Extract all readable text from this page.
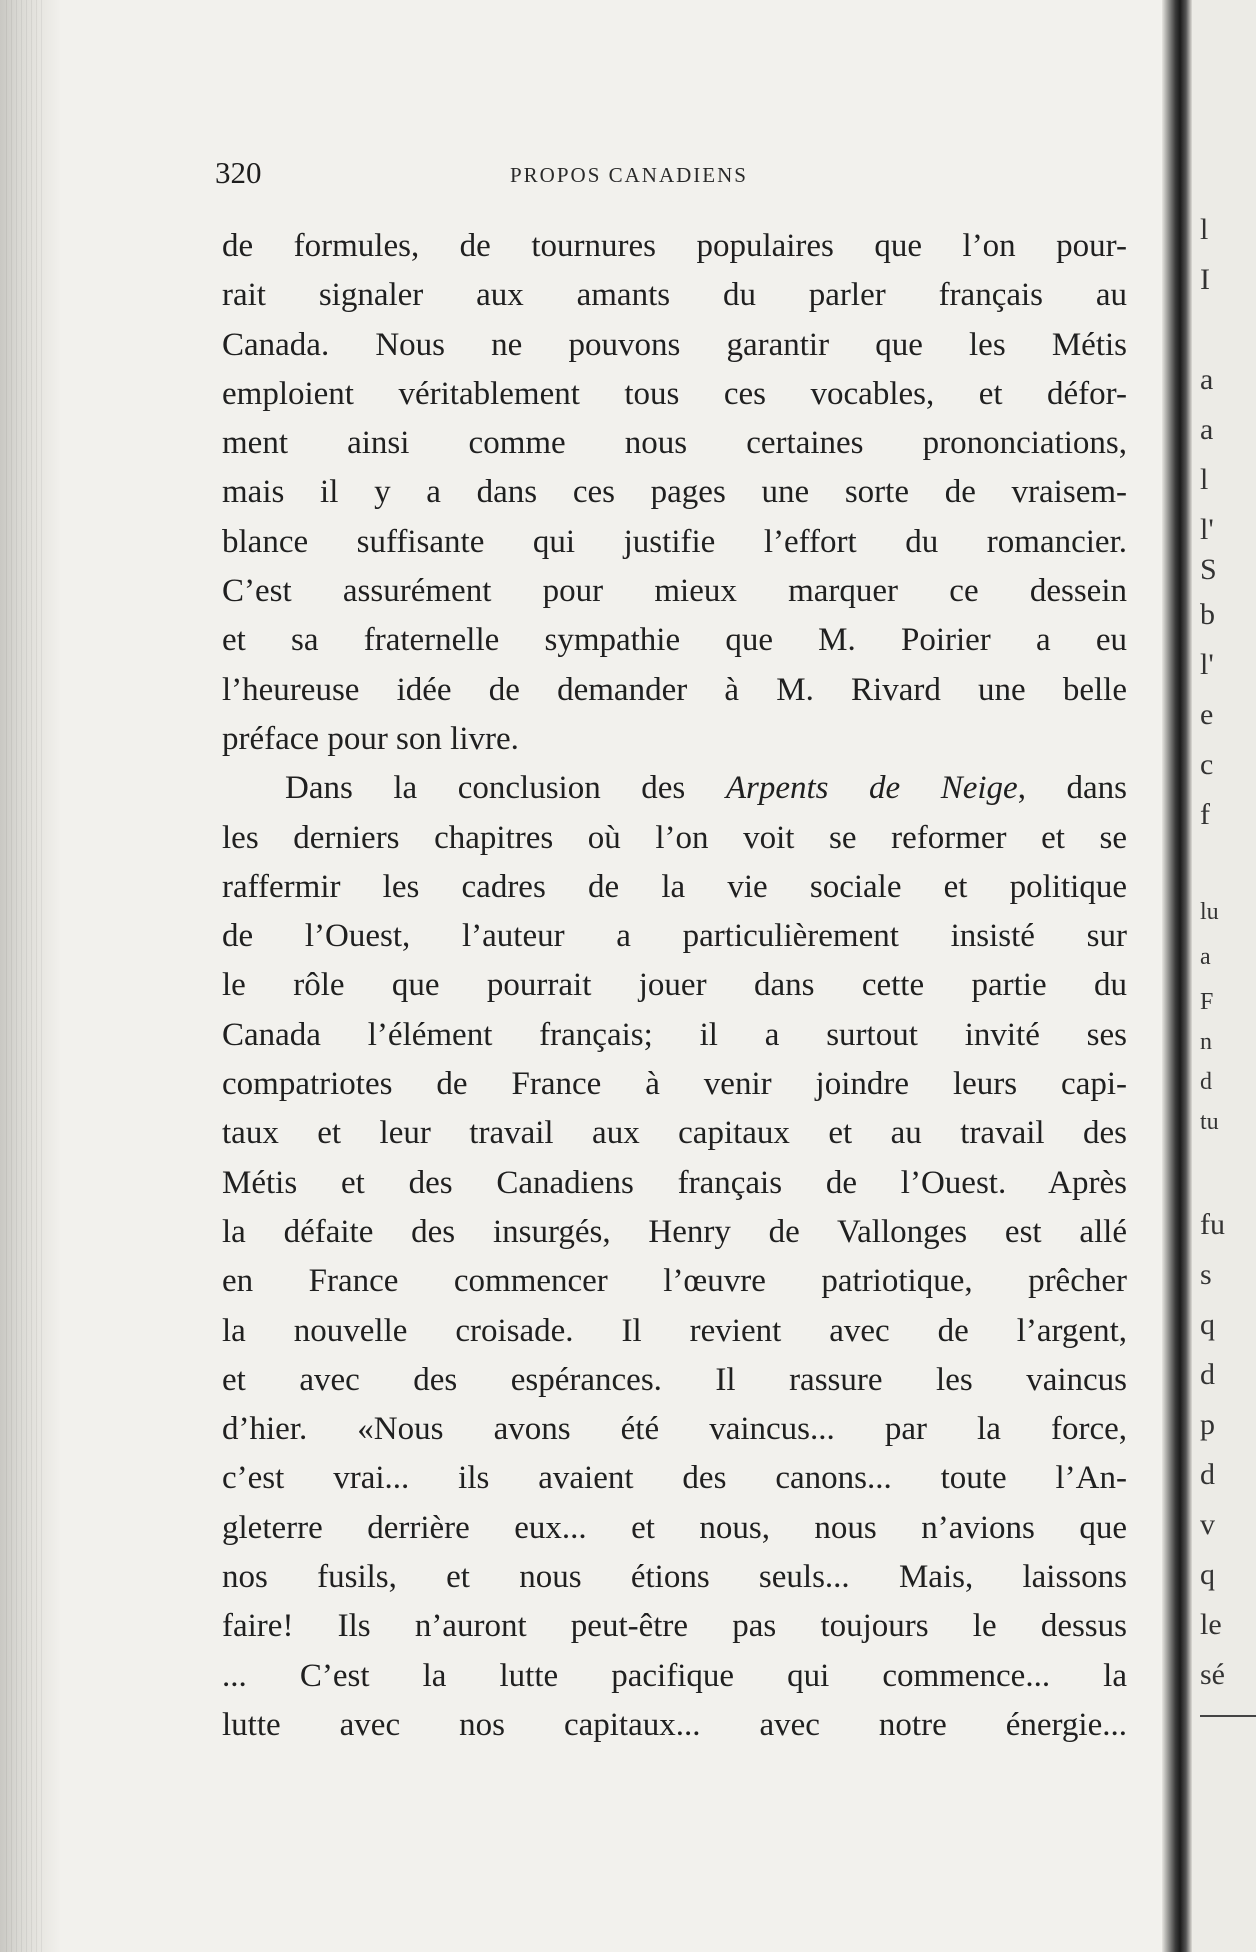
l
I
a
a
l
l'
S
b
l'
e
c
f
lu
a
F
n
d
tu
fu
s
q
d
p
d
v
q
le
sé
320	PROPOS CANADIENS
de formules, de tournures populaires que l’on pour-
rait signaler aux amants du parler français au
Canada. Nous ne pouvons garantir que les Métis
emploient véritablement tous ces vocables, et défor-
ment ainsi comme nous certaines prononciations,
mais il y a dans ces pages une sorte de vraisem-
blance suffisante qui justifie l’effort du romancier.
C’est assurément pour mieux marquer ce dessein
et sa fraternelle sympathie que M. Poirier a eu
l’heureuse idée de demander à M. Rivard une belle
préface pour son livre.
Dans la conclusion des Arpents de Neige, dans
les derniers chapitres où l’on voit se reformer et se
raffermir les cadres de la vie sociale et politique
de l’Ouest, l’auteur a particulièrement insisté sur
le rôle que pourrait jouer dans cette partie du
Canada l’élément français; il a surtout invité ses
compatriotes de France à venir joindre leurs capi-
taux et leur travail aux capitaux et au travail des
Métis et des Canadiens français de l’Ouest. Après
la défaite des insurgés, Henry de Vallonges est allé
en France commencer l’œuvre patriotique, prêcher
la nouvelle croisade. Il revient avec de l’argent,
et avec des espérances. Il rassure les vaincus
d’hier. «Nous avons été vaincus... par la force,
c’est vrai... ils avaient des canons... toute l’An-
gleterre derrière eux... et nous, nous n’avions que
nos fusils, et nous étions seuls... Mais, laissons
faire! Ils n’auront peut-être pas toujours le dessus
... C’est la lutte pacifique qui commence... la
lutte avec nos capitaux... avec notre énergie...
